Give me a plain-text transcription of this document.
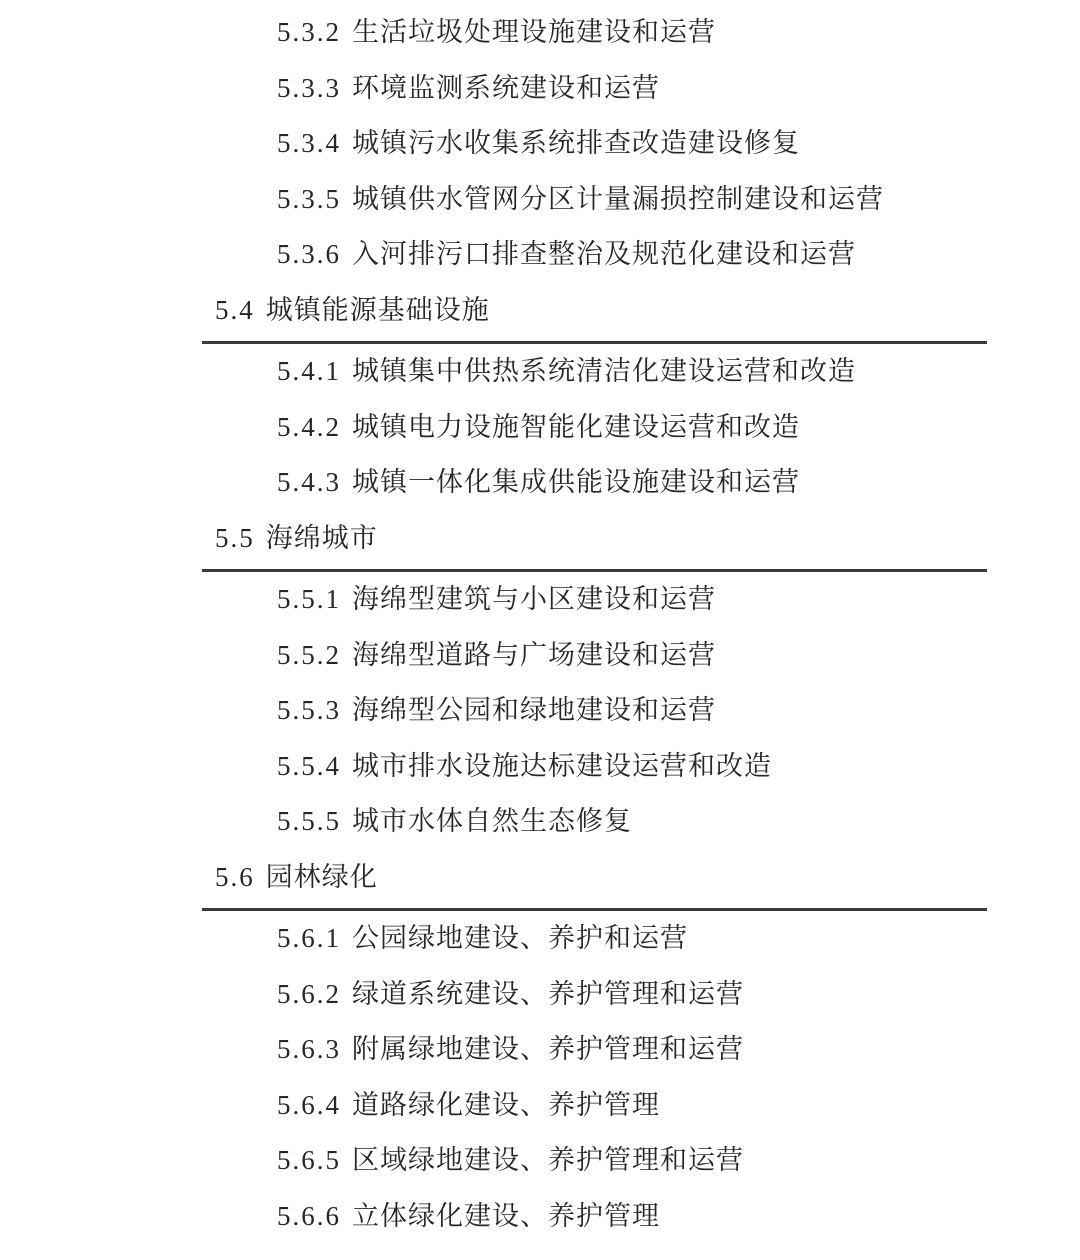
5.3.2 生活垃圾处理设施建设和运营
5.3.3 环境监测系统建设和运营
5.3.4 城镇污水收集系统排查改造建设修复
5.3.5 城镇供水管网分区计量漏损控制建设和运营
5.3.6 入河排污口排查整治及规范化建设和运营
5.4 城镇能源基础设施
5.4.1 城镇集中供热系统清洁化建设运营和改造
5.4.2 城镇电力设施智能化建设运营和改造
5.4.3 城镇一体化集成供能设施建设和运营
5.5 海绵城市
5.5.1 海绵型建筑与小区建设和运营
5.5.2 海绵型道路与广场建设和运营
5.5.3 海绵型公园和绿地建设和运营
5.5.4 城市排水设施达标建设运营和改造
5.5.5 城市水体自然生态修复
5.6 园林绿化
5.6.1 公园绿地建设、养护和运营
5.6.2 绿道系统建设、养护管理和运营
5.6.3 附属绿地建设、养护管理和运营
5.6.4 道路绿化建设、养护管理
5.6.5 区域绿地建设、养护管理和运营
5.6.6 立体绿化建设、养护管理
